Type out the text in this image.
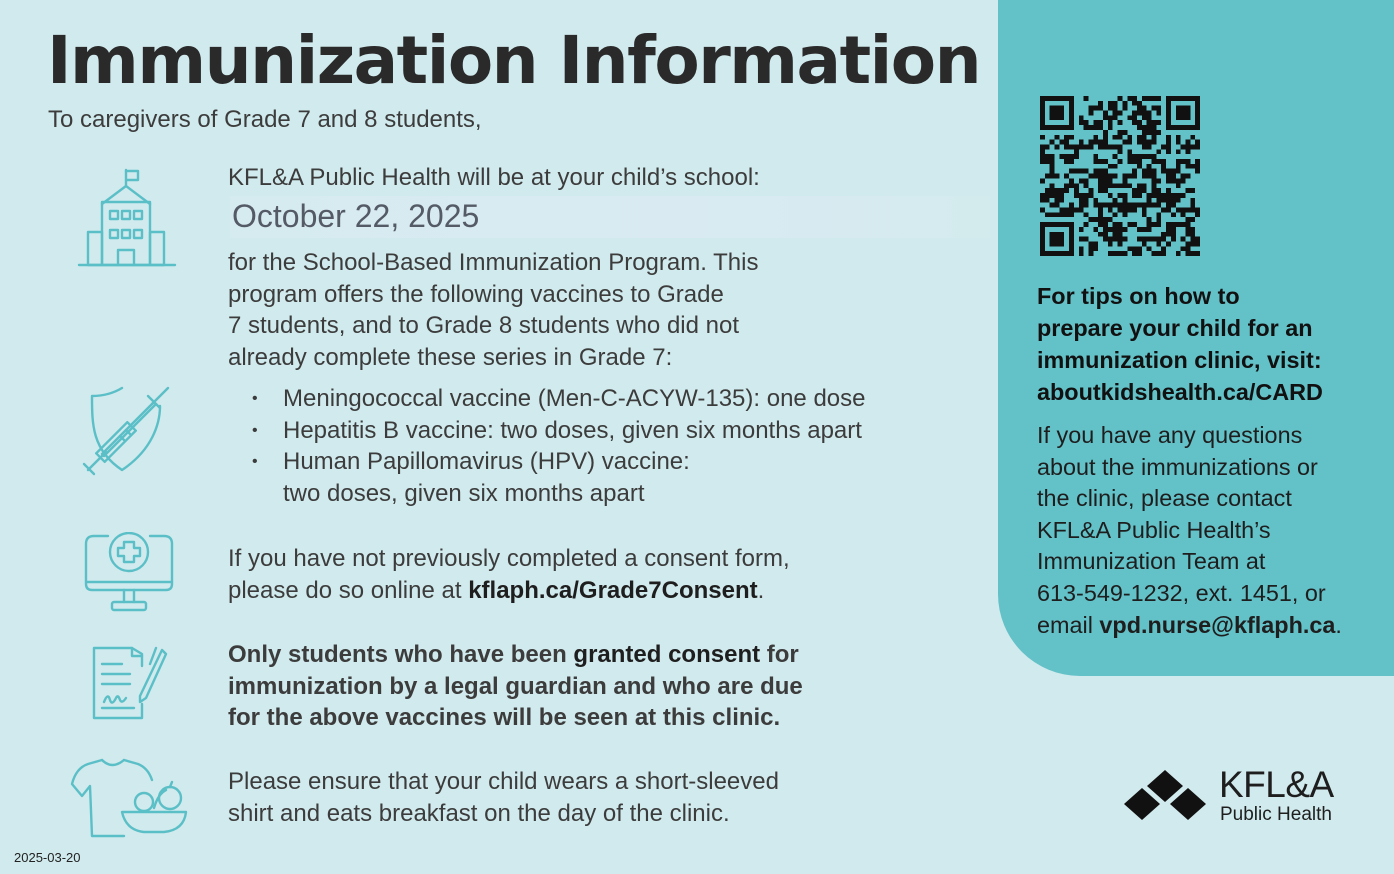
Immunization Information
To caregivers of Grade 7 and 8 students,
KFL&A Public Health will be at your child’s school:
October 22, 2025
for the School-Based Immunization Program. This
program offers the following vaccines to Grade
7 students, and to Grade 8 students who did not
already complete these series in Grade 7:
• Meningococcal vaccine (Men-C-ACYW-135): one dose
• Hepatitis B vaccine: two doses, given six months apart
• Human Papillomavirus (HPV) vaccine:
two doses, given six months apart
If you have not previously completed a consent form,
please do so online at kflaph.ca/Grade7Consent.
Only students who have been granted consent for
immunization by a legal guardian and who are due
for the above vaccines will be seen at this clinic.
Please ensure that your child wears a short-sleeved
shirt and eats breakfast on the day of the clinic.
2025-03-20
For tips on how to
prepare your child for an
immunization clinic, visit:
aboutkidshealth.ca/CARD
If you have any questions
about the immunizations or
the clinic, please contact
KFL&A Public Health’s
Immunization Team at
613-549-1232, ext. 1451, or
email vpd.nurse@kflaph.ca.
KFL&A
Public Health
